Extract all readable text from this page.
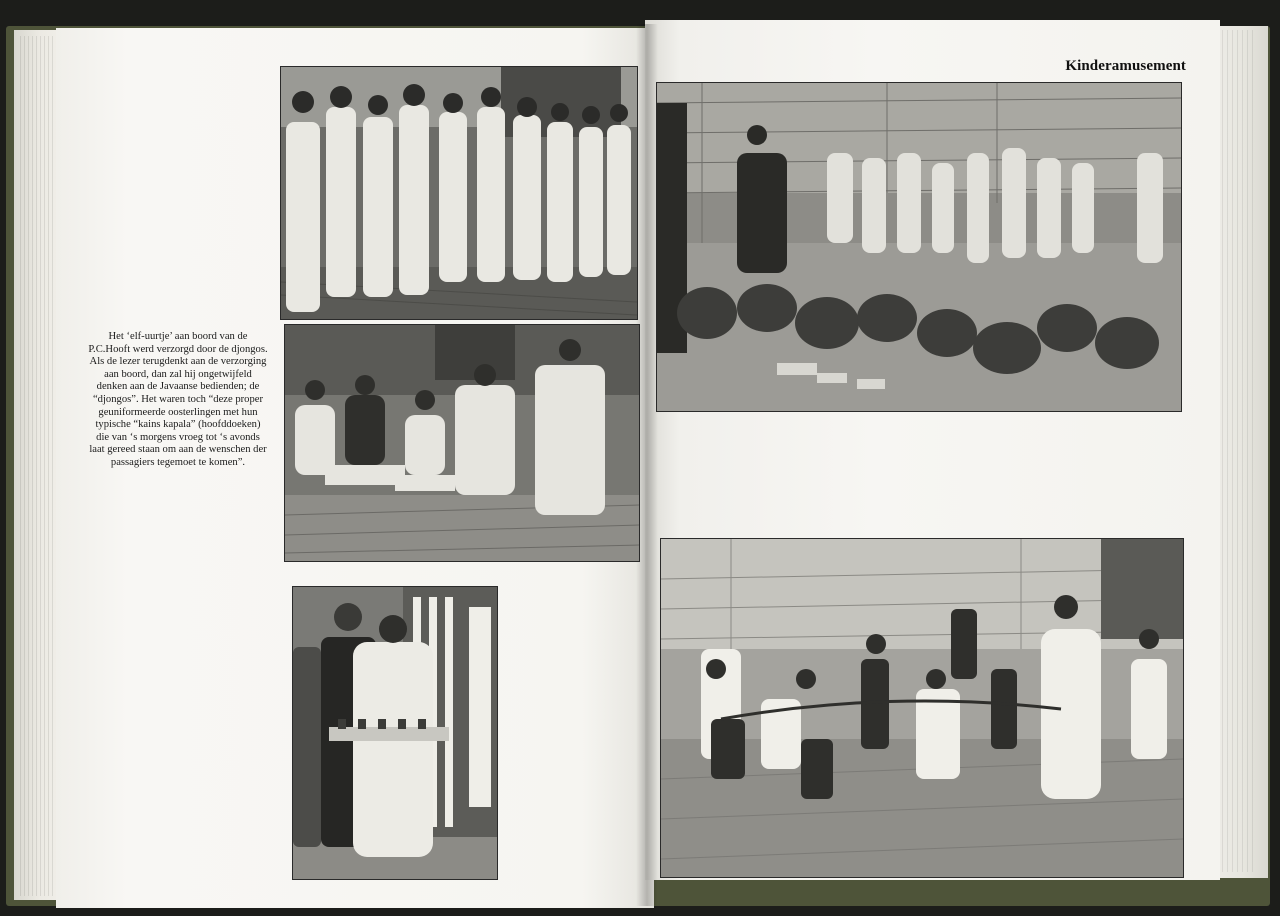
Het ‘elf-uurtje’ aan boord van de P.C.Hooft werd verzorgd door de djongos. Als de lezer terugdenkt aan de verzorging aan boord, dan zal hij ongetwijfeld denken aan de Javaanse bedienden; de “djongos”. Het waren toch “deze proper geuniformeerde oosterlingen met hun typische “kains kapala” (hoofddoeken) die van ‘s morgens vroeg tot ‘s avonds laat gereed staan om aan de wenschen der passagiers tegemoet te komen”.
Kinderamusement
